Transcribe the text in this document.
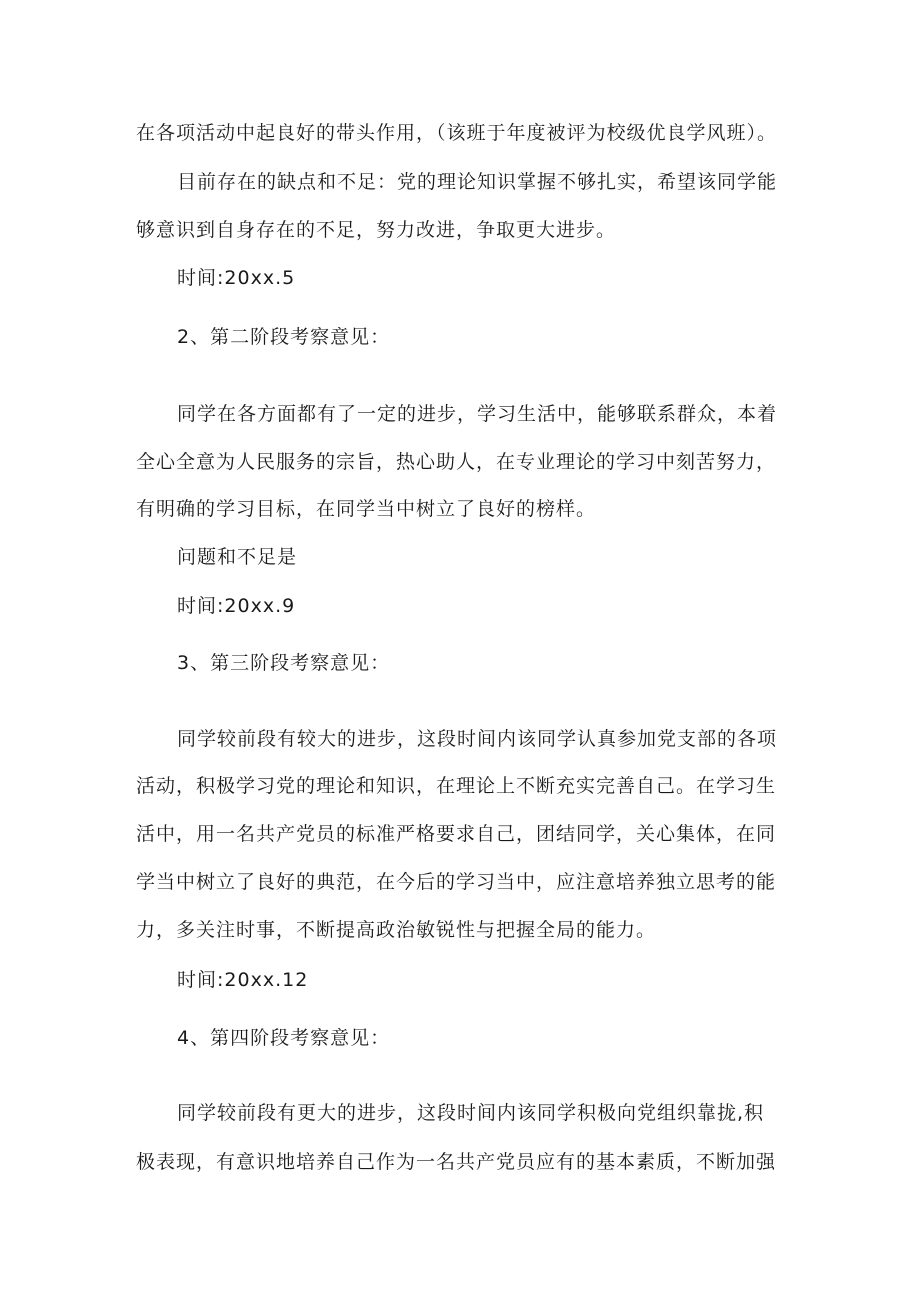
在各项活动中起良好的带头作用，（该班于年度被评为校级优良学风班）。
目前存在的缺点和不足：党的理论知识掌握不够扎实，希望该同学能
够意识到自身存在的不足，努力改进，争取更大进步。
时间:20xx.5
2、第二阶段考察意见：
同学在各方面都有了一定的进步，学习生活中，能够联系群众，本着
全心全意为人民服务的宗旨，热心助人，在专业理论的学习中刻苦努力，
有明确的学习目标，在同学当中树立了良好的榜样。
问题和不足是
时间:20xx.9
3、第三阶段考察意见：
同学较前段有较大的进步，这段时间内该同学认真参加党支部的各项
活动，积极学习党的理论和知识，在理论上不断充实完善自己。在学习生
活中，用一名共产党员的标准严格要求自己，团结同学，关心集体，在同
学当中树立了良好的典范，在今后的学习当中，应注意培养独立思考的能
力，多关注时事，不断提高政治敏锐性与把握全局的能力。
时间:20xx.12
4、第四阶段考察意见：
同学较前段有更大的进步，这段时间内该同学积极向党组织靠拢,积
极表现，有意识地培养自己作为一名共产党员应有的基本素质，不断加强
